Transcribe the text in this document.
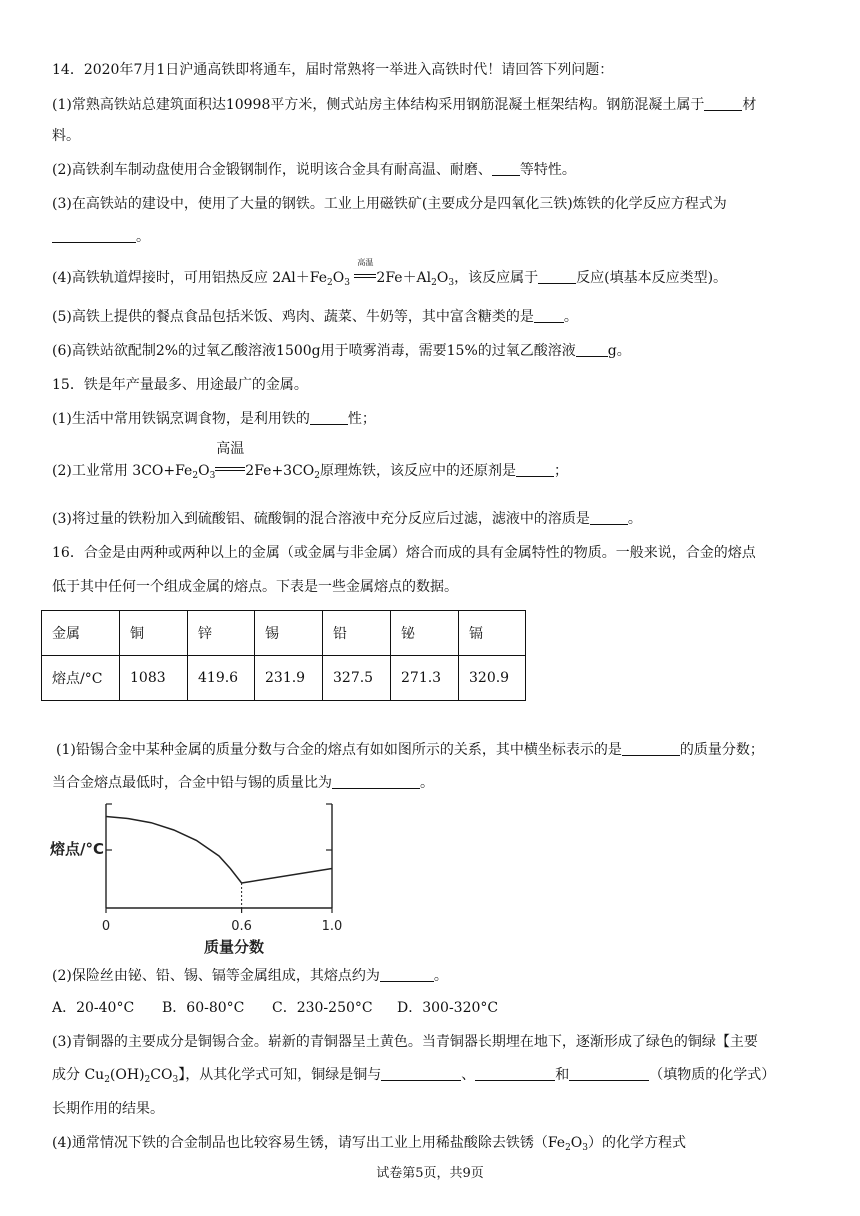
14．2020年7月1日沪通高铁即将通车，届时常熟将一举进入高铁时代！请回答下列问题：
(1)常熟高铁站总建筑面积达10998平方米，侧式站房主体结构采用钢筋混凝土框架结构。钢筋混凝土属于	材
料。
(2)高铁刹车制动盘使用合金锻钢制作，说明该合金具有耐高温、耐磨、 等特性。
(3)在高铁站的建设中，使用了大量的钢铁。工业上用磁铁矿(主要成分是四氧化三铁)炼铁的化学反应方程式为
。
(4)高铁轨道焊接时，可用铝热反应 $2Al+Fe_2O_3$
高温
$2Fe+Al_2O_3$，该反应属于	反应(填基本反应类型)。
(5)高铁上提供的餐点食品包括米饭、鸡肉、蔬菜、牛奶等，其中富含糖类的是 。
(6)高铁站欲配制2%的过氧乙酸溶液1500g用于喷雾消毒，需要15%的过氧乙酸溶液 g。
15．铁是年产量最多、用途最广的金属。
(1)生活中常用铁锅烹调食物，是利用铁的	性；
(2)工业常用 $3CO+Fe_2O_3$
高温
$2Fe+3CO_2$原理炼铁，该反应中的还原剂是	；
(3)将过量的铁粉加入到硫酸铝、硫酸铜的混合溶液中充分反应后过滤，滤液中的溶质是	。
16．合金是由两种或两种以上的金属（或金属与非金属）熔合而成的具有金属特性的物质。一般来说，合金的熔点
低于其中任何一个组成金属的熔点。下表是一些金属熔点的数据。
金属	铜	锌	锡	铅	铋	镉
熔点/°C	1083	419.6	231.9	327.5	271.3	320.9
(1)铅锡合金中某种金属的质量分数与合金的熔点有如如图所示的关系，其中横坐标表示的是	的质量分数；
当合金熔点最低时，合金中铅与锡的质量比为	。
0	0.6	1.0
熔点/°C
质量分数
(2)保险丝由铋、铅、锡、镉等金属组成，其熔点约为	。
A．20-40°C B．60-80°C C．230-250°C D．300-320°C
(3)青铜器的主要成分是铜锡合金。崭新的青铜器呈土黄色。当青铜器长期埋在地下，逐渐形成了绿色的铜绿【主要
成分 $Cu_2(OH)_2CO_3$】，从其化学式可知，铜绿是铜与	、	和	（填物质的化学式）
长期作用的结果。
(4)通常情况下铁的合金制品也比较容易生锈，请写出工业上用稀盐酸除去铁锈$(Fe_2O_3)$的化学方程式
试卷第5页，共9页
